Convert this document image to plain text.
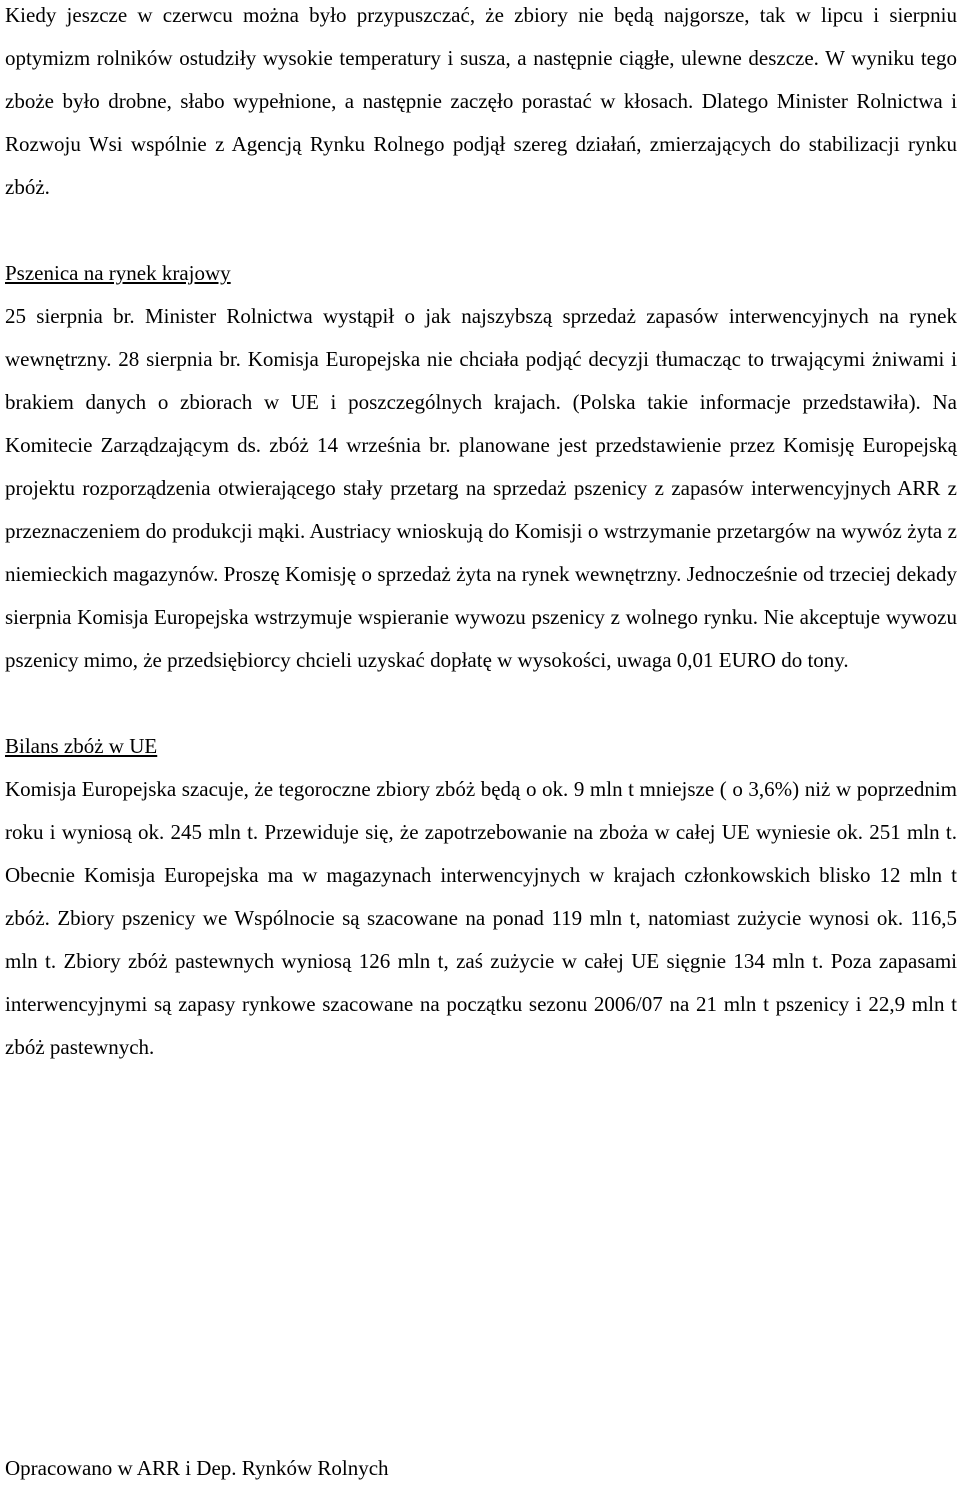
Kiedy jeszcze w czerwcu można było przypuszczać, że zbiory nie będą najgorsze, tak w lipcu i sierpniu optymizm rolników ostudziły wysokie temperatury i susza, a następnie ciągłe, ulewne deszcze. W wyniku tego zboże było drobne, słabo wypełnione, a następnie zaczęło porastać w kłosach. Dlatego Minister Rolnictwa i Rozwoju Wsi wspólnie z Agencją Rynku Rolnego podjął szereg działań, zmierzających do stabilizacji rynku zbóż.

Pszenica na rynek krajowy

25 sierpnia br. Minister Rolnictwa wystąpił o jak najszybszą sprzedaż zapasów interwencyjnych na rynek wewnętrzny. 28 sierpnia br. Komisja Europejska nie chciała podjąć decyzji tłumacząc to trwającymi żniwami i brakiem danych o zbiorach w UE i poszczególnych krajach. (Polska takie informacje przedstawiła). Na Komitecie Zarządzającym ds. zbóż 14 września br. planowane jest przedstawienie przez Komisję Europejską projektu rozporządzenia otwierającego stały przetarg na sprzedaż pszenicy z zapasów interwencyjnych ARR z przeznaczeniem do produkcji mąki. Austriacy wnioskują do Komisji o wstrzymanie przetargów na wywóz żyta z niemieckich magazynów. Proszę Komisję o sprzedaż żyta na rynek wewnętrzny. Jednocześnie od trzeciej dekady sierpnia Komisja Europejska wstrzymuje wspieranie wywozu pszenicy z wolnego rynku. Nie akceptuje wywozu pszenicy mimo, że przedsiębiorcy chcieli uzyskać dopłatę w wysokości, uwaga 0,01 EURO do tony.

Bilans zbóż w UE

Komisja Europejska szacuje, że tegoroczne zbiory zbóż będą o ok. 9 mln t mniejsze ( o 3,6%) niż w poprzednim roku i wyniosą ok. 245 mln t. Przewiduje się, że zapotrzebowanie na zboża w całej UE wyniesie ok. 251 mln t. Obecnie Komisja Europejska ma w magazynach interwencyjnych w krajach członkowskich blisko 12 mln t zbóż. Zbiory pszenicy we Wspólnocie są szacowane na ponad 119 mln t, natomiast zużycie wynosi ok. 116,5 mln t. Zbiory zbóż pastewnych wyniosą 126 mln t, zaś zużycie w całej UE sięgnie 134 mln t. Poza zapasami interwencyjnymi są zapasy rynkowe szacowane na początku sezonu 2006/07 na 21 mln t pszenicy i 22,9 mln t zbóż pastewnych.

Opracowano w ARR i Dep. Rynków Rolnych
